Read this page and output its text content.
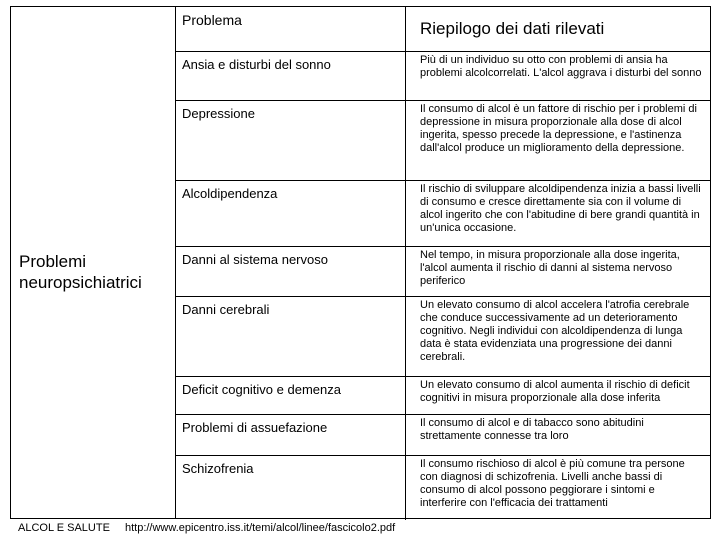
Problemi
neuropsichiatrici
Problema	Riepilogo dei dati rilevati
Ansia e disturbi del sonno	Più di un individuo su otto con problemi di ansia ha problemi alcolcorrelati. L'alcol aggrava i disturbi del sonno
Depressione	Il consumo di alcol è un fattore di rischio per i problemi di depressione in misura proporzionale alla dose di alcol ingerita, spesso precede la depressione, e l'astinenza dall'alcol produce un miglioramento della depressione.
Alcoldipendenza	Il rischio di sviluppare alcoldipendenza inizia a bassi livelli di consumo e cresce direttamente sia con il volume di alcol ingerito che con l'abitudine di bere grandi quantità in un'unica occasione.
Danni al sistema nervoso	Nel tempo, in misura proporzionale alla dose ingerita, l'alcol aumenta il rischio di danni al sistema nervoso periferico
Danni cerebrali	Un elevato consumo di alcol accelera l'atrofia cerebrale che conduce successivamente ad un deterioramento cognitivo. Negli individui con alcoldipendenza di lunga data è stata evidenziata una progressione dei danni cerebrali.
Deficit cognitivo e demenza	Un elevato consumo di alcol aumenta il rischio di deficit cognitivi in misura proporzionale alla dose inferita
Problemi di assuefazione	Il consumo di alcol e di tabacco sono abitudini strettamente connesse tra loro
Schizofrenia	Il consumo rischioso di alcol è più comune tra persone con diagnosi di schizofrenia. Livelli anche bassi di consumo di alcol possono peggiorare i sintomi e interferire con l'efficacia dei trattamenti
ALCOL E SALUTE http://www.epicentro.iss.it/temi/alcol/linee/fascicolo2.pdf
